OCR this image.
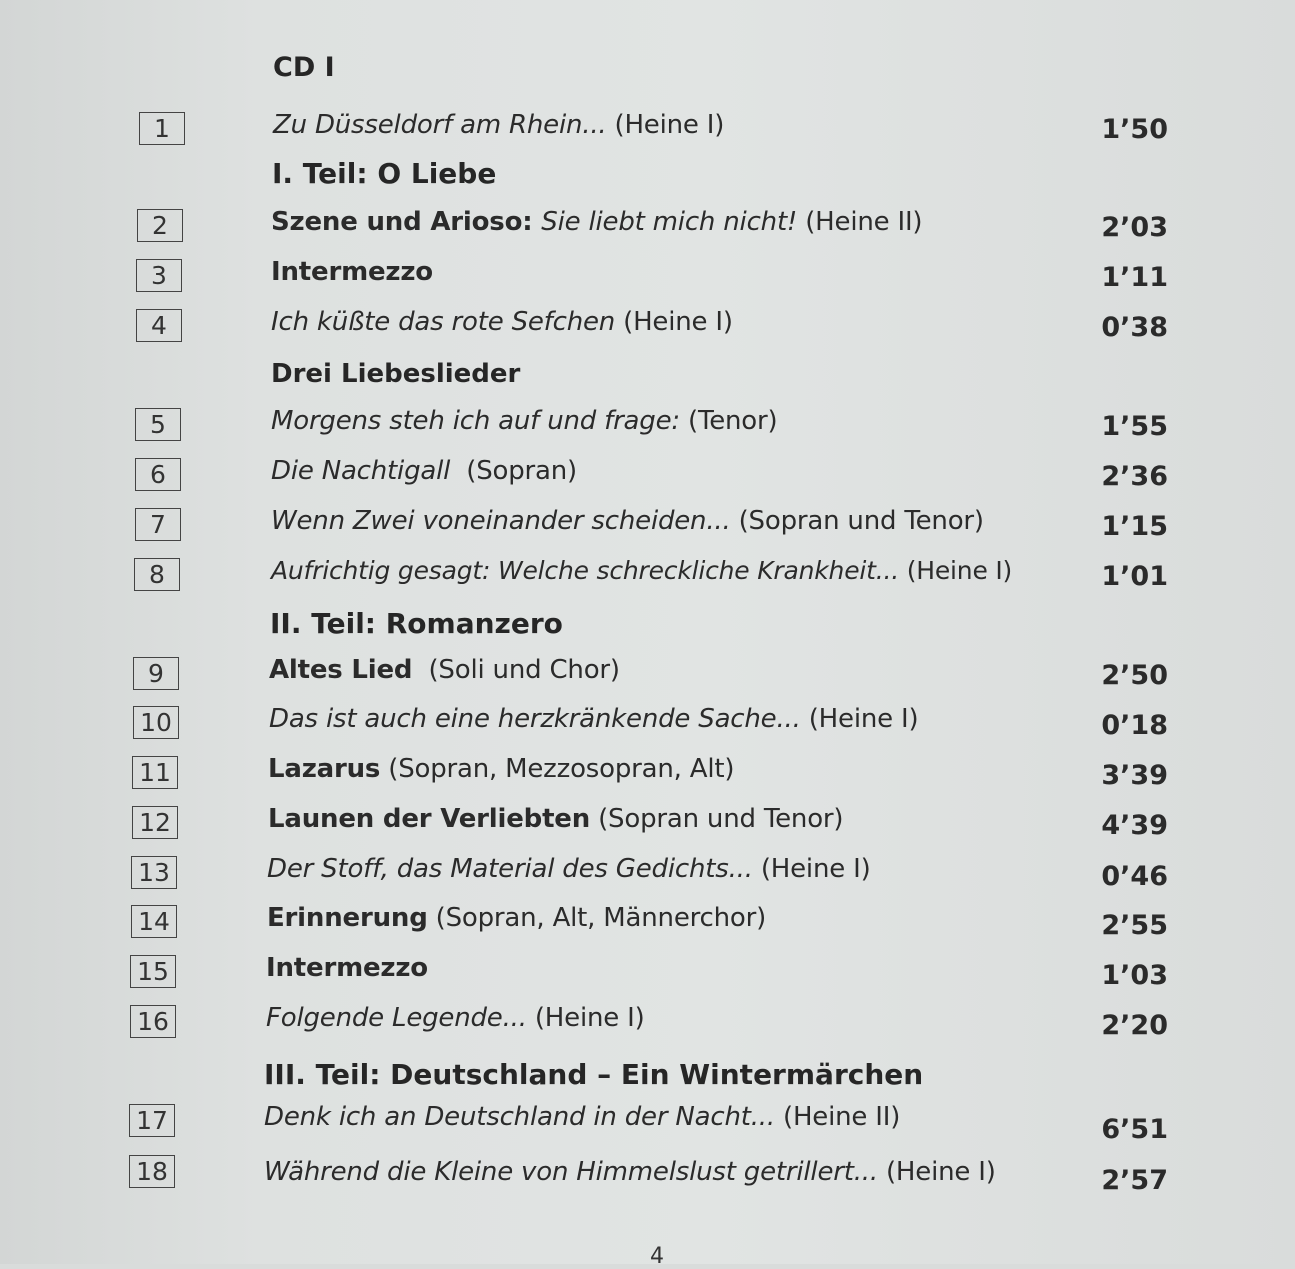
CD I
1	Zu Düsseldorf am Rhein... (Heine I)	1’50
I. Teil: O Liebe
2	Szene und Arioso: Sie liebt mich nicht! (Heine II)	2’03
3	Intermezzo	1’11
4	Ich küßte das rote Sefchen (Heine I)	0’38
Drei Liebeslieder
5	Morgens steh ich auf und frage: (Tenor)	1’55
6	Die Nachtigall  (Sopran)	2’36
7	Wenn Zwei voneinander scheiden... (Sopran und Tenor)	1’15
8	Aufrichtig gesagt: Welche schreckliche Krankheit... (Heine I)	1’01
II. Teil: Romanzero
9	Altes Lied  (Soli und Chor)	2’50
10	Das ist auch eine herzkränkende Sache... (Heine I)	0’18
11	Lazarus (Sopran, Mezzosopran, Alt)	3’39
12	Launen der Verliebten (Sopran und Tenor)	4’39
13	Der Stoff, das Material des Gedichts... (Heine I)	0’46
14	Erinnerung (Sopran, Alt, Männerchor)	2’55
15	Intermezzo	1’03
16	Folgende Legende... (Heine I)	2’20
III. Teil: Deutschland – Ein Wintermärchen
17	Denk ich an Deutschland in der Nacht... (Heine II)	6’51
18	Während die Kleine von Himmelslust getrillert... (Heine I)	2’57
4
